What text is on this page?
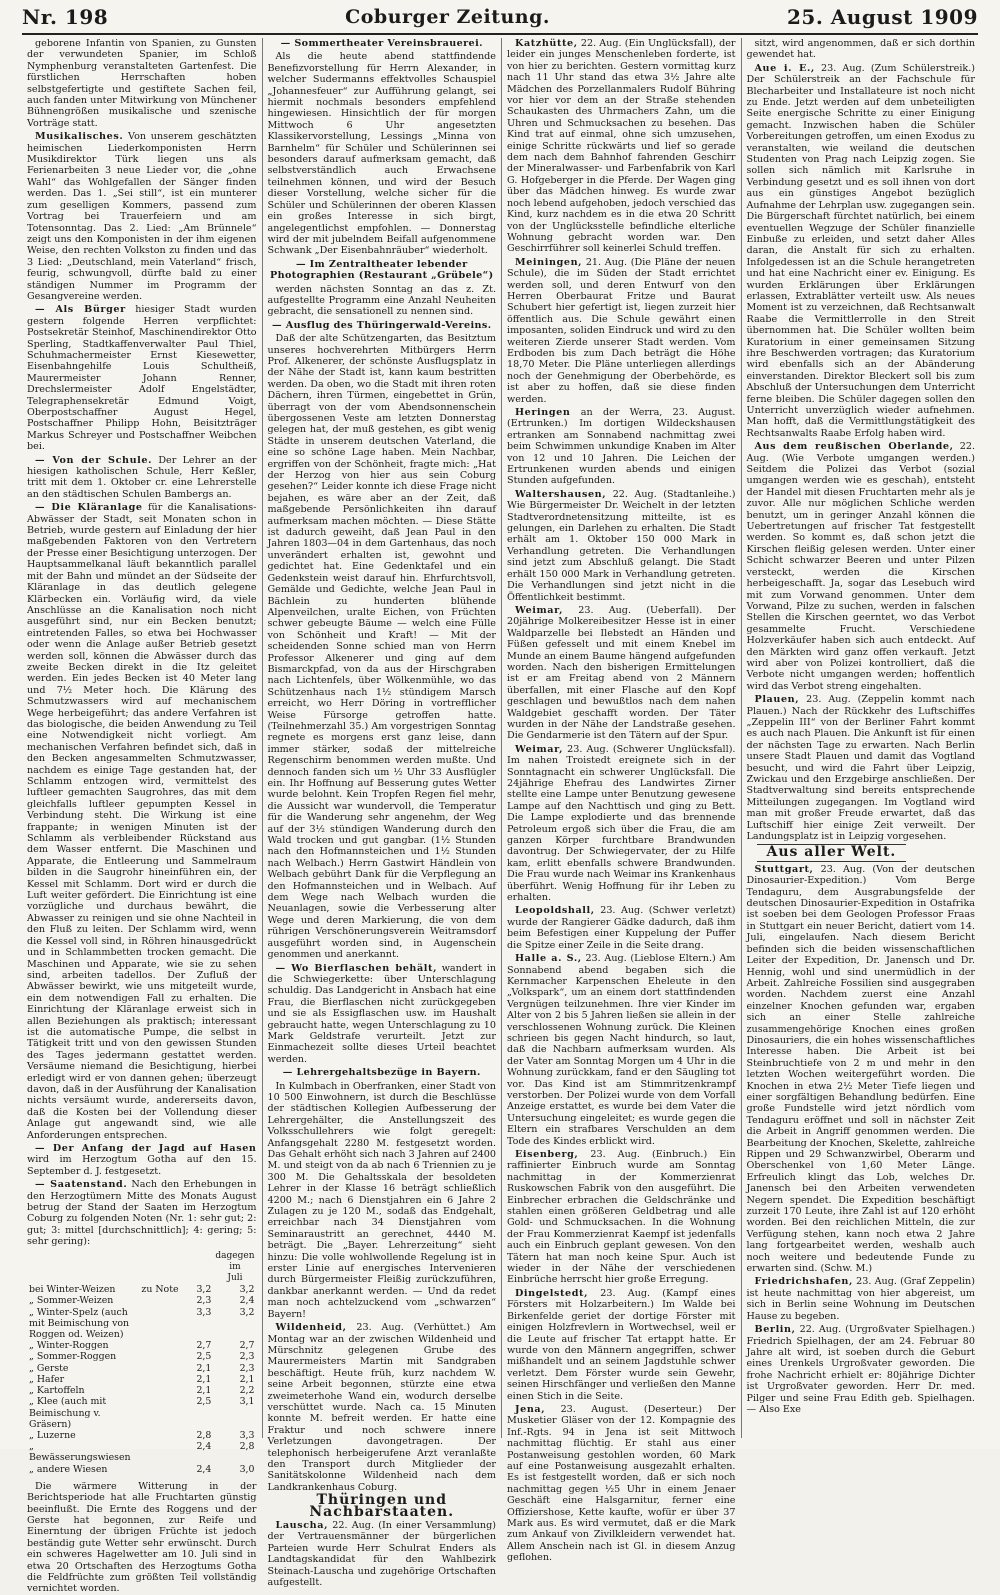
Nr. 198	Coburger Zeitung.	25. August 1909

geborene Infantin von Spanien, zu Gunsten der verwundeten Spanier, im Schloß Nymphenburg veranstalteten Gartenfest. Die fürstlichen Herrschaften hoben selbstgefertigte und gestiftete Sachen feil, auch fanden unter Mitwirkung von Münchener Bühnengrößen musikalische und szenische Vorträge statt.

Musikalisches. Von unserem geschätzten heimischen Liederkomponisten Herrn Musikdirektor Türk liegen uns als Ferienarbeiten 3 neue Lieder vor, die „ohne Wahl“ das Wohlgefallen der Sänger finden werden. Das 1. „Sei still“, ist ein munterer zum geselligen Kommers, passend zum Vortrag bei Trauerfeiern und am Totensonntag. Das 2. Lied: „Am Brünnele“ zeigt uns den Komponisten in der ihm eigenen Weise, den rechten Volkston zu finden und das 3 Lied: „Deutschland, mein Vaterland“ frisch, feurig, schwungvoll, dürfte bald zu einer ständigen Nummer im Programm der Gesangvereine werden.

— Als Bürger hiesiger Stadt wurden gestern folgende Herren verpflichtet: Postsekretär Steinhof, Maschinendirektor Otto Sperling, Stadtkaffenverwalter Paul Thiel, Schuhmachermeister Ernst Kiesewetter, Eisenbahngehilfe Louis Schultheiß, Maurermeister Johann Renner, Drechslermeister Adolf Engelstädter, Telegraphensekretär Edmund Voigt, Oberpostschaffner August Hegel, Postschaffner Philipp Hohn, Beisitzträger Markus Schreyer und Postschaffner Weibchen bei.

— Von der Schule. Der Lehrer an der hiesigen katholischen Schule, Herr Keßler, tritt mit dem 1. Oktober cr. eine Lehrerstelle an den städtischen Schulen Bambergs an.

— Die Kläranlage für die Kanalisations-Abwässer der Stadt, seit Monaten schon in Betrieb, wurde gestern auf Einladung der hier maßgebenden Faktoren von den Vertretern der Presse einer Besichtigung unterzogen. Der Hauptsammelkanal läuft bekanntlich parallel mit der Bahn und mündet an der Südseite der Kläranlage in das deutlich gelegene Klärbecken ein. Vorläufig wird, da viele Anschlüsse an die Kanalisation noch nicht ausgeführt sind, nur ein Becken benutzt; eintretenden Falles, so etwa bei Hochwasser oder wenn die Anlage außer Betrieb gesetzt werden soll, können die Abwässer durch das zweite Becken direkt in die Itz geleitet werden. Ein jedes Becken ist 40 Meter lang und 7½ Meter hoch. Die Klärung des Schmutzwassers wird auf mechanischem Wege herbeigeführt; das andere Verfahren ist das biologische, die beiden Anwendung zu Teil eine Notwendigkeit nicht vorliegt. Am mechanischen Verfahren befindet sich, daß in den Becken angesammelten Schmutzwasser, nachdem es einige Tage gestanden hat, der Schlamm entzogen wird, vermittelst des luftleer gemachten Saugrohres, das mit dem gleichfalls luftleer gepumpten Kessel in Verbindung steht. Die Wirkung ist eine frappante; in wenigen Minuten ist der Schlamm als verbleibender Rückstand aus dem Wasser entfernt. Die Maschinen und Apparate, die Entleerung und Sammelraum bilden in die Saugrohr hineinführen ein, der Kessel mit Schlamm. Dort wird er durch die Luft weiter gefördert. Die Einrichtung ist eine vorzügliche und durchaus bewährt, die Abwasser zu reinigen und sie ohne Nachteil in den Fluß zu leiten. Der Schlamm wird, wenn die Kessel voll sind, in Röhren hinausgedrückt und in Schlammbetten trocken gemacht. Die Maschinen und Apparate, wie sie zu sehen sind, arbeiten tadellos. Der Zufluß der Abwässer bewirkt, wie uns mitgeteilt wurde, ein dem notwendigen Fall zu erhalten. Die Einrichtung der Kläranlage erweist sich in allen Beziehungen als praktisch; interessant ist die automatische Pumpe, die selbst in Tätigkeit tritt und von den gewissen Stunden des Tages jedermann gestattet werden. Versäume niemand die Besichtigung, hierbei erledigt wird er von dannen gehen; überzeugt davon, daß in der Ausführung der Kanalisation nichts versäumt wurde, andererseits davon, daß die Kosten bei der Vollendung dieser Anlage gut angewandt sind, wie alle Anforderungen entsprechen.

— Der Anfang der Jagd auf Hasen wird im Herzogtum Gotha auf den 15. September d. J. festgesetzt.

— Saatenstand. Nach den Erhebungen in den Herzogtümern Mitte des Monats August betrug der Stand der Saaten im Herzogtum Coburg zu folgenden Noten (Nr. 1: sehr gut; 2: gut; 3: mittel [durchschnittlich]; 4: gering; 5: sehr gering):

			dagegen im
			Juli
bei Winter-Weizen	zu Note	3,2	3,2
„ Sommer-Weizen		2,3	2,4
„ Winter-Spelz (auch mit Beimischung von Roggen od. Weizen)		3,3	3,2
„ Winter-Roggen		2,7	2,7
„ Sommer-Roggen		2,5	2,3
„ Gerste		2,1	2,3
„ Hafer		2,1	2,1
„ Kartoffeln		2,1	2,2
„ Klee (auch mit Beimischung v. Gräsern)		2,5	3,1
„ Luzerne		2,8	3,3
„ Bewässerungswiesen		2,4	2,8
„ andere Wiesen		2,4	3,0

Die wärmere Witterung in der Berichtsperiode hat alle Fruchtarten günstig beeinflußt. Die Ernte des Roggens und der Gerste hat begonnen, zur Reife und Einerntung der übrigen Früchte ist jedoch beständig gute Wetter sehr erwünscht. Durch ein schweres Hagelwetter am 10. Juli sind in etwa 20 Ortschaften des Herzogtums Gotha die Feldfrüchte zum größten Teil vollständig vernichtet worden.

— Sommertheater Vereinsbrauerei.

Als die heute abend stattfindende Benefizvorstellung für Herrn Alexander, in welcher Sudermanns effektvolles Schauspiel „Johannesfeuer“ zur Aufführung gelangt, sei hiermit nochmals besonders empfehlend hingewiesen. Hinsichtlich der für morgen Mittwoch 6 Uhr angesetzten Klassikervorstellung, Lessings „Minna von Barnhelm“ für Schüler und Schülerinnen sei besonders darauf aufmerksam gemacht, daß selbstverständlich auch Erwachsene teilnehmen können, und wird der Besuch dieser Vorstellung, welche sicher für die Schüler und Schülerinnen der oberen Klassen ein großes Interesse in sich birgt, angelegentlichst empfohlen. — Donnerstag wird der mit jubelndem Beifall aufgenommene Schwank „Der Eisenbahnräuber“ wiederholt.

— Im Zentraltheater lebender Photographien (Restaurant „Grübele“)

werden nächsten Sonntag an das z. Zt. aufgestellte Programm eine Anzahl Neuheiten gebracht, die sensationell zu nennen sind.

— Ausflug des Thüringerwald-Vereins.

Daß der alte Schützengarten, das Besitztum unseres hochverehrten Mitbürgers Herrn Prof. Alkenerer, der schönste Ausflugsplatz in der Nähe der Stadt ist, kann kaum bestritten werden. Da oben, wo die Stadt mit ihren roten Dächern, ihren Türmen, eingebettet in Grün, überragt von der vom Abendsonnenschein übergossenen Veste am letzten Donnerstag gelegen hat, der muß gestehen, es gibt wenig Städte in unserem deutschen Vaterland, die eine so schöne Lage haben. Mein Nachbar, ergriffen von der Schönheit, fragte mich: „Hat der Herzog von hier aus sein Coburg gesehen?“ Leider konnte ich diese Frage nicht bejahen, es wäre aber an der Zeit, daß maßgebende Persönlichkeiten ihn darauf aufmerksam machen möchten. — Diese Stätte ist dadurch geweiht, daß Jean Paul in den Jahren 1803—04 in dem Gartenhaus, das noch unverändert erhalten ist, gewohnt und gedichtet hat. Eine Gedenktafel und ein Gedenkstein weist darauf hin. Ehrfurchtsvoll, Gemälde und Gedichte, welche Jean Paul in Bächlein zu hunderten blühende Alpenveilchen, uralte Eichen, von Früchten schwer gebeugte Bäume — welch eine Fülle von Schönheit und Kraft! — Mit der scheidenden Sonne schied man von Herrn Professor Alkenerer und ging auf dem Bismarckpfad, von da aus der Hirschgraben nach Lichtenfels, über Wölkenmühle, wo das Schützenhaus nach 1½ stündigem Marsch erreicht, wo Herr Döring in vortrefflicher Weise Fürsorge getroffen hatte. (Teilnehmerzahl 35.) Am vorgestrigen Sonntag regnete es morgens erst ganz leise, dann immer stärker, sodaß der mittelreiche Regenschirm benommen werden mußte. Und dennoch fanden sich um ½ Uhr 33 Ausflügler ein. Ihr Hoffnung auf Besserung gutes Wetter wurde belohnt. Kein Tropfen Regen fiel mehr, die Aussicht war wundervoll, die Temperatur für die Wanderung sehr angenehm, der Weg auf der 3½ stündigen Wanderung durch den Wald trocken und gut gangbar. (1½ Stunden nach den Hofmannsteichen und 1½ Stunden nach Welbach.) Herrn Gastwirt Händlein von Welbach gebührt Dank für die Verpflegung an den Hofmannsteichen und in Welbach. Auf dem Wege nach Welbach wurden die Neuanlagen, sowie die Verbesserung alter Wege und deren Markierung, die von dem rührigen Verschönerungsverein Weitramsdorf ausgeführt worden sind, in Augenschein genommen und anerkannt.

— Wo Bierflaschen behält, wandert in die Schwiegerkette: über Unterschlagung schuldig. Das Landgericht in Ansbach hat eine Frau, die Bierflaschen nicht zurückgegeben und sie als Essigflaschen usw. im Haushalt gebraucht hatte, wegen Unterschlagung zu 10 Mark Geldstrafe verurteilt. Jetzt zur Einmachezeit sollte dieses Urteil beachtet werden.

— Lehrergehaltsbezüge in Bayern.

In Kulmbach in Oberfranken, einer Stadt von 10 500 Einwohnern, ist durch die Beschlüsse der städtischen Kollegien Aufbesserung der Lehrergehälter, die Anstellungszeit des Volksschullehrers wie folgt geregelt: Anfangsgehalt 2280 M. festgesetzt worden. Das Gehalt erhöht sich nach 3 Jahren auf 2400 M. und steigt von da ab nach 6 Triennien zu je 300 M. Die Gehaltsskala der besoldeten Lehrer in der Klasse 16 beträgt schließlich 4200 M.; nach 6 Dienstjahren ein 6 Jahre 2 Zulagen zu je 120 M., sodaß das Endgehalt, erreichbar nach 34 Dienstjahren vom Seminaraustritt an gerechnet, 4440 M. beträgt. Die „Bayer. Lehrerzeitung“ sieht hinzu: Die volle wohlwollende Regelung ist in erster Linie auf energisches Intervenieren durch Bürgermeister Fleißig zurückzuführen, dankbar anerkannt werden. — Und da redet man noch achtelzuckend vom „schwarzen“ Bayern!

Wildenheid, 23. Aug. (Verhüttet.) Am Montag war an der zwischen Wildenheid und Mürschnitz gelegenen Grube des Maurermeisters Martin mit Sandgraben beschäftigt. Heute früh, kurz nachdem W. seine Arbeit begonnen, stürzte eine etwa zweimeterhohe Wand ein, wodurch derselbe verschüttet wurde. Nach ca. 15 Minuten konnte M. befreit werden. Er hatte eine Fraktur und noch schwere innere Verletzungen davongetragen. Der telephonisch herbeigerufene Arzt veranlaßte den Transport durch Mitglieder der Sanitätskolonne Wildenheid nach dem Landkrankenhaus Coburg.

Thüringen und Nachbarstaaten.

Lauscha, 22. Aug. (In einer Versammlung) der Vertrauensmänner der bürgerlichen Parteien wurde Herr Schulrat Enders als Landtagskandidat für den Wahlbezirk Steinach-Lauscha und zugehörige Ortschaften aufgestellt.

Katzhütte, 22. Aug. (Ein Unglücksfall), der leider ein junges Menschenleben forderte, ist von hier zu berichten. Gestern vormittag kurz nach 11 Uhr stand das etwa 3½ Jahre alte Mädchen des Porzellanmalers Rudolf Bühring vor hier vor dem an der Straße stehenden Schaukasten des Uhrmachers Zahn, um die Uhren und Schmucksachen zu besehen. Das Kind trat auf einmal, ohne sich umzusehen, einige Schritte rückwärts und lief so gerade dem nach dem Bahnhof fahrenden Geschirr der Mineralwasser- und Farbenfabrik von Karl G. Hofgeberger in die Pferde. Der Wagen ging über das Mädchen hinweg. Es wurde zwar noch lebend aufgehoben, jedoch verschied das Kind, kurz nachdem es in die etwa 20 Schritt von der Unglücksstelle befindliche elterliche Wohnung gebracht worden war. Den Geschirrführer soll keinerlei Schuld treffen.

Meiningen, 21. Aug. (Die Pläne der neuen Schule), die im Süden der Stadt errichtet werden soll, und deren Entwurf von den Herren Oberbaurat Fritze und Baurat Schubert hier gefertigt ist, liegen zurzeit hier öffentlich aus. Die Schule gewährt einen imposanten, soliden Eindruck und wird zu den weiteren Zierde unserer Stadt werden. Vom Erdboden bis zum Dach beträgt die Höhe 18,70 Meter. Die Pläne unterliegen allerdings noch der Genehmigung der Oberbehörde, es ist aber zu hoffen, daß sie diese finden werden.

Heringen an der Werra, 23. August. (Ertrunken.) Im dortigen Wildeckshausen ertranken am Sonnabend nachmittag zwei beim Schwimmen unkundige Knaben im Alter von 12 und 10 Jahren. Die Leichen der Ertrunkenen wurden abends und einigen Stunden aufgefunden.

Waltershausen, 22. Aug. (Stadtanleihe.) Wie Bürgermeister Dr. Weichelt in der letzten Stadtverordnetensitzung mitteilte, ist es gelungen, ein Darlehen zu erhalten. Die Stadt erhält am 1. Oktober 150 000 Mark in Verhandlung getreten. Die Verhandlungen sind jetzt zum Abschluß gelangt. Die Stadt erhält 150 000 Mark in Verhandlung getreten. Die Verhandlungen sind jetzt nicht in die Öffentlichkeit bestimmt.

Weimar, 23. Aug. (Ueberfall). Der 20jährige Molkereibesitzer Hesse ist in einer Waldparzelle bei Ilebstedt an Händen und Füßen gefesselt und mit einem Knebel im Munde an einem Baume hängend aufgefunden worden. Nach den bisherigen Ermittelungen ist er am Freitag abend von 2 Männern überfallen, mit einer Flasche auf den Kopf geschlagen und bewußtlos nach dem nahen Waldgebiet geschafft worden. Der Täter wurden in der Nähe der Landstraße gesehen. Die Gendarmerie ist den Tätern auf der Spur.

Weimar, 23. Aug. (Schwerer Unglücksfall). Im nahen Troistedt ereignete sich in der Sonntagnacht ein schwerer Unglücksfall. Die 24jährige Ehefrau des Landwirtes Zirner stellte eine Lampe unter Benutzung gewesene Lampe auf den Nachttisch und ging zu Bett. Die Lampe explodierte und das brennende Petroleum ergoß sich über die Frau, die am ganzen Körper furchtbare Brandwunden davontrug. Der Schwiegervater, der zu Hilfe kam, erlitt ebenfalls schwere Brandwunden. Die Frau wurde nach Weimar ins Krankenhaus überführt. Wenig Hoffnung für ihr Leben zu erhalten.

Leopoldshall, 23. Aug. (Schwer verletzt) wurde der Rangierer Gädke dadurch, daß ihm beim Befestigen einer Kuppelung der Puffer die Spitze einer Zeile in die Seite drang.

Halle a. S., 23. Aug. (Lieblose Eltern.) Am Sonnabend abend begaben sich die Kernmacher Karpenschen Eheleute in den „Volkspark“, um an einem dort stattfindenden Vergnügen teilzunehmen. Ihre vier Kinder im Alter von 2 bis 5 Jahren ließen sie allein in der verschlossenen Wohnung zurück. Die Kleinen schrieen bis gegen Nacht hindurch, so laut, daß die Nachbarn aufmerksam wurden. Als der Vater am Sonntag Morgen um 4 Uhr in die Wohnung zurückkam, fand er den Säugling tot vor. Das Kind ist am Stimmritzenkrampf verstorben. Der Polizei wurde von dem Vorfall Anzeige erstattet, es wurde bei dem Vater die Untersuchung eingeleitet; es wurde gegen die Eltern ein strafbares Verschulden an dem Tode des Kindes erblickt wird.

Eisenberg, 23. Aug. (Einbruch.) Ein raffinierter Einbruch wurde am Sonntag nachmittag in der Kommerzienrat Ruskowschen Fabrik von den ausgeführt. Die Einbrecher erbrachen die Geldschränke und stahlen einen größeren Geldbetrag und alle Gold- und Schmucksachen. In die Wohnung der Frau Kommerzienrat Kaempf ist jedenfalls auch ein Einbruch geplant gewesen. Von den Tätern hat man noch keine Spur. Auch ist wieder in der Nähe der verschiedenen Einbrüche herrscht hier große Erregung.

Dingelstedt, 23. Aug. (Kampf eines Försters mit Holzarbeitern.) Im Walde bei Birkenfelde geriet der dortige Förster mit einigen Holzfrevlern in Wortwechsel, weil er die Leute auf frischer Tat ertappt hatte. Er wurde von den Männern angegriffen, schwer mißhandelt und an seinem Jagdstuhle schwer verletzt. Dem Förster wurde sein Gewehr, seinen Hirschfänger und verließen den Manne einen Stich in die Seite.

Jena, 23. August. (Deserteur.) Der Musketier Gläser von der 12. Kompagnie des Inf.-Rgts. 94 in Jena ist seit Mittwoch nachmittag flüchtig. Er stahl aus einer Postanweisung gestohlen worden, 60 Mark auf eine Postanweisung ausgezahlt erhalten. Es ist festgestellt worden, daß er sich noch nachmittag gegen ½5 Uhr in einem Jenaer Geschäft eine Halsgarnitur, ferner eine Offiziershose, Kette kaufte, wofür er über 37 Mark aus. Es wird vermutet, daß er die Mark zum Ankauf von Zivilkleidern verwendet hat. Allem Anschein nach ist Gl. in diesem Anzug geflohen.

sitzt, wird angenommen, daß er sich dorthin gewendet hat.

Aue i. E., 23. Aug. (Zum Schülerstreik.) Der Schülerstreik an der Fachschule für Blecharbeiter und Installateure ist noch nicht zu Ende. Jetzt werden auf dem unbeteiligten Seite energische Schritte zu einer Einigung gemacht. Inzwischen haben die Schüler Vorbereitungen getroffen, um einen Exodus zu veranstalten, wie weiland die deutschen Studenten von Prag nach Leipzig zogen. Sie sollen sich nämlich mit Karlsruhe in Verbindung gesetzt und es soll ihnen von dort aus ein günstiges Angebot bezüglich Aufnahme der Lehrplan usw. zugegangen sein. Die Bürgerschaft fürchtet natürlich, bei einem eventuellen Wegzuge der Schüler finanzielle Einbuße zu erleiden, und setzt daher Alles daran, die Anstalt für sich zu erhalten. Infolgedessen ist an die Schule herangetreten und hat eine Nachricht einer ev. Einigung. Es wurden Erklärungen über Erklärungen erlassen, Extrablätter verteilt usw. Als neues Moment ist zu verzeichnen, daß Rechtsanwalt Raabe die Vermittlerrolle in den Streit übernommen hat. Die Schüler wollten beim Kuratorium in einer gemeinsamen Sitzung ihre Beschwerden vortragen; das Kuratorium wird ebenfalls sich an der Abänderung einverstanden. Direktor Bleckert soll bis zum Abschluß der Untersuchungen dem Unterricht ferne bleiben. Die Schüler dagegen sollen den Unterricht unverzüglich wieder aufnehmen. Man hofft, daß die Vermittlungstätigkeit des Rechtsanwalts Raabe Erfolg haben wird.

Aus dem reußischen Oberlande, 22. Aug. (Wie Verbote umgangen werden.) Seitdem die Polizei das Verbot (sozial umgangen werden wie es geschah), entsteht der Handel mit diesen Fruchtarten mehr als je zuvor. Alle nur möglichen Schliche werden benutzt, um in geringer Anzahl können die Uebertretungen auf frischer Tat festgestellt werden. So kommt es, daß schon jetzt die Kirschen fleißig gelesen werden. Unter einer Schicht schwarzer Beeren und unter Pilzen versteckt, werden die Kirschen herbeigeschafft. Ja, sogar das Lesebuch wird mit zum Vorwand genommen. Unter dem Vorwand, Pilze zu suchen, werden in falschen Stellen die Kirschen geerntet, wo das Verbot gesammelte Frucht. Verschiedene Holzverkäufer haben sich auch entdeckt. Auf den Märkten wird ganz offen verkauft. Jetzt wird aber von Polizei kontrolliert, daß die Verbote nicht umgangen werden; hoffentlich wird das Verbot streng eingehalten.

Plauen, 23. Aug. (Zeppelin kommt nach Plauen.) Nach der Rückkehr des Luftschiffes „Zeppelin III“ von der Berliner Fahrt kommt es auch nach Plauen. Die Ankunft ist für einen der nächsten Tage zu erwarten. Nach Berlin unsere Stadt Plauen und damit das Vogtland besucht, und wird die Fahrt über Leipzig, Zwickau und den Erzgebirge anschließen. Der Stadtverwaltung sind bereits entsprechende Mitteilungen zugegangen. Im Vogtland wird man mit großer Freude erwartet, daß das Luftschiff hier einige Zeit verweilt. Der Landungsplatz ist in Leipzig vorgesehen.

Aus aller Welt.

Stuttgart, 23. Aug. (Von der deutschen Dinosaurier-Expedition.) Vom Berge Tendaguru, dem Ausgrabungsfelde der deutschen Dinosaurier-Expedition in Ostafrika ist soeben bei dem Geologen Professor Fraas in Stuttgart ein neuer Bericht, datiert vom 14. Juli, eingelaufen. Nach diesem Bericht befinden sich die beiden wissenschaftlichen Leiter der Expedition, Dr. Janensch und Dr. Hennig, wohl und sind unermüdlich in der Arbeit. Zahlreiche Fossilien sind ausgegraben worden. Nachdem zuerst eine Anzahl einzelner Knochen gefunden war, ergaben sich an einer Stelle zahlreiche zusammengehörige Knochen eines großen Dinosauriers, die ein hohes wissenschaftliches Interesse haben. Die Arbeit ist bei Steinbruchtiefe von 2 m und mehr in den letzten Wochen weitergeführt worden. Die Knochen in etwa 2½ Meter Tiefe liegen und einer sorgfältigen Behandlung bedürfen. Eine große Fundstelle wird jetzt nördlich vom Tendaguru eröffnet und soll in nächster Zeit die Arbeit in Angriff genommen werden. Die Bearbeitung der Knochen, Skelette, zahlreiche Rippen und 29 Schwanzwirbel, Oberarm und Oberschenkel von 1,60 Meter Länge. Erfreulich klingt das Lob, welches Dr. Janensch bei den Arbeiten verwendeten Negern spendet. Die Expedition beschäftigt zurzeit 170 Leute, ihre Zahl ist auf 120 erhöht worden. Bei den reichlichen Mitteln, die zur Verfügung stehen, kann noch etwa 2 Jahre lang fortgearbeitet werden, weshalb auch noch weitere und bedeutende Funde zu erwarten sind. (Schw. M.)

Friedrichshafen, 23. Aug. (Graf Zeppelin) ist heute nachmittag von hier abgereist, um sich in Berlin seine Wohnung im Deutschen Hause zu begeben.

Berlin, 22. Aug. (Urgroßvater Spielhagen.) Friedrich Spielhagen, der am 24. Februar 80 Jahre alt wird, ist soeben durch die Geburt eines Urenkels Urgroßvater geworden. Die frohe Nachricht erhielt er: 80jährige Dichter ist Urgroßvater geworden. Herr Dr. med. Pilger und seine Frau Edith geb. Spielhagen. — Also Exe
